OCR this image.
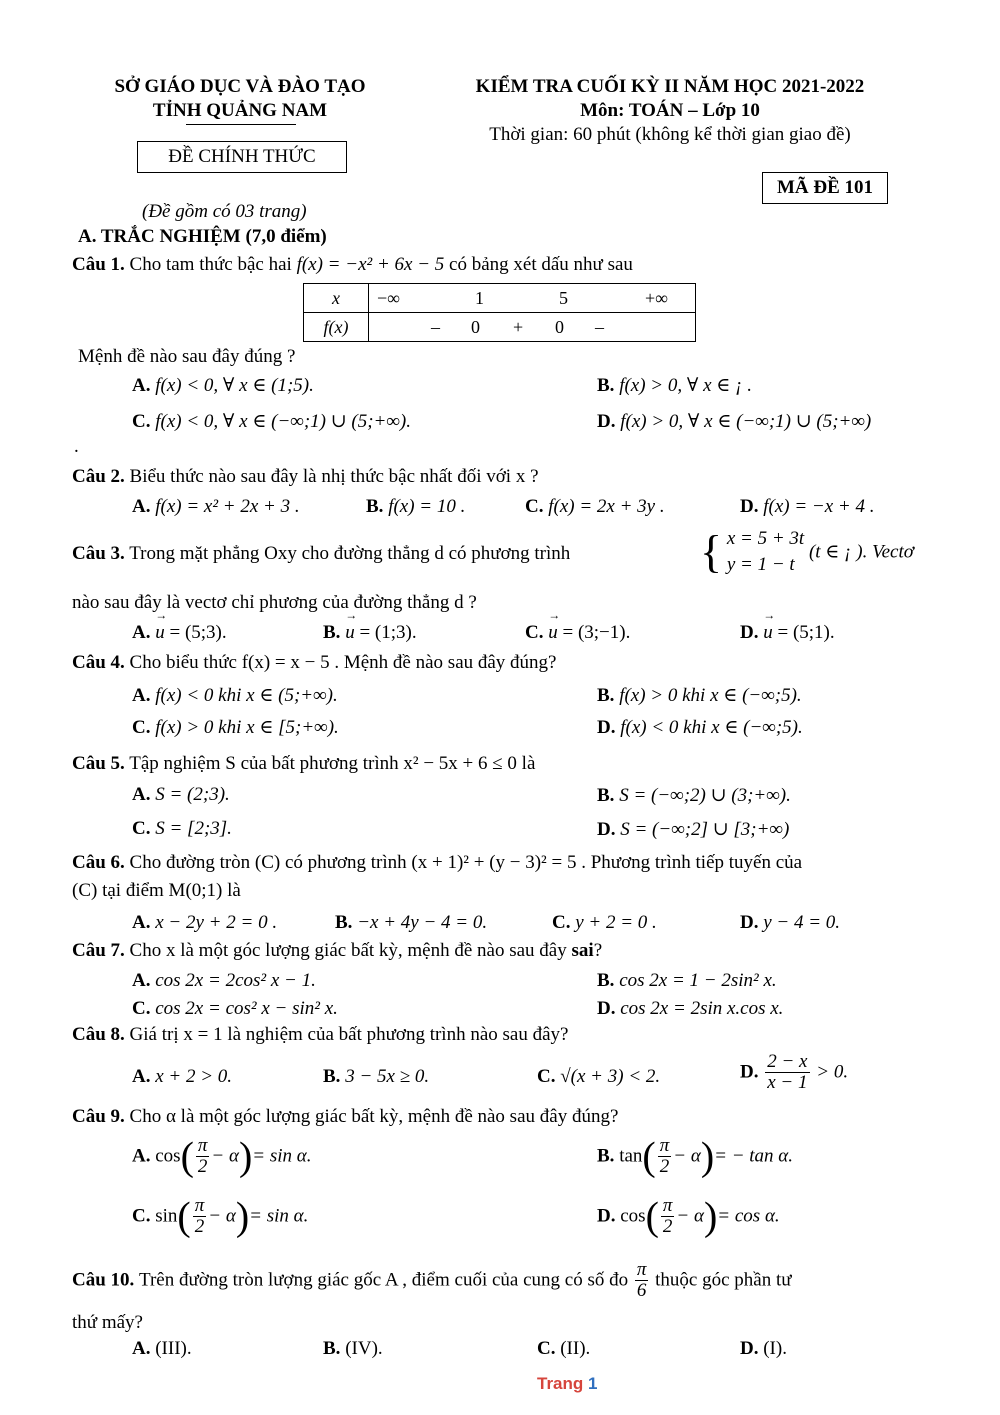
SỞ GIÁO DỤC VÀ ĐÀO TẠO
TỈNH QUẢNG NAM
ĐỀ CHÍNH THỨC
(Đề gồm có 03 trang)
KIỂM TRA CUỐI KỲ II NĂM HỌC 2021-2022
Môn: TOÁN – Lớp 10
Thời gian: 60 phút (không kể thời gian giao đề)
MÃ ĐỀ 101
A. TRẮC NGHIỆM (7,0 điểm)
Câu 1. Cho tam thức bậc hai f(x) = −x² + 6x − 5 có bảng xét dấu như sau
x	−∞ 1 5 +∞

f(x)	– 0 + 0 –
Mệnh đề nào sau đây đúng ?
A. f(x) < 0, ∀ x ∈ (1;5).	B. f(x) > 0, ∀ x ∈ ¡ .
C. f(x) < 0, ∀ x ∈ (−∞;1) ∪ (5;+∞).	D. f(x) > 0, ∀ x ∈ (−∞;1) ∪ (5;+∞)
.
Câu 2. Biểu thức nào sau đây là nhị thức bậc nhất đối với x ?
A. f(x) = x² + 2x + 3 .	B. f(x) = 10 .	C. f(x) = 2x + 3y .	D. f(x) = −x + 4 .
Câu 3. Trong mặt phẳng Oxy cho đường thẳng d có phương trình	{ x = 5 + 3t
y = 1 − t
(t ∈ ¡ ). Vectơ
nào sau đây là vectơ chỉ phương của đường thẳng d ?
A. → u = (5;3).	B. → u = (1;3).	C. → u = (3;−1).	D. → u = (5;1).
Câu 4. Cho biểu thức f(x) = x − 5 . Mệnh đề nào sau đây đúng?
A. f(x) < 0 khi x ∈ (5;+∞).	B. f(x) > 0 khi x ∈ (−∞;5).
C. f(x) > 0 khi x ∈ [5;+∞).	D. f(x) < 0 khi x ∈ (−∞;5).
Câu 5. Tập nghiệm S của bất phương trình x² − 5x + 6 ≤ 0 là
A. S = (2;3).	B. S = (−∞;2) ∪ (3;+∞).
C. S = [2;3].	D. S = (−∞;2] ∪ [3;+∞)
Câu 6. Cho đường tròn (C) có phương trình (x + 1)² + (y − 3)² = 5 . Phương trình tiếp tuyến của
(C) tại điểm M(0;1) là
A. x − 2y + 2 = 0 .	B. −x + 4y − 4 = 0.	C. y + 2 = 0 .	D. y − 4 = 0.
Câu 7. Cho x là một góc lượng giác bất kỳ, mệnh đề nào sau đây sai?
A. cos 2x = 2cos² x − 1.	B. cos 2x = 1 − 2sin² x.
C. cos 2x = cos² x − sin² x.	D. cos 2x = 2sin x.cos x.
Câu 8. Giá trị x = 1 là nghiệm của bất phương trình nào sau đây?
A. x + 2 > 0.	B. 3 − 5x ≥ 0.	C. √(x + 3) < 2.	D. $\frac{2 - x}{x - 1} > 0$.
Câu 9. Cho α là một góc lượng giác bất kỳ, mệnh đề nào sau đây đúng?
A. $\cos( \frac{\pi}{2} - \alpha)= \sin \alpha$.	B. $\tan( \frac{\pi}{2} - \alpha)= - \tan \alpha$.
C. $\sin( \frac{\pi}{2} - \alpha)= \sin \alpha$.	D. $\cos( \frac{\pi}{2} - \alpha)= \cos \alpha$.
Câu 10. Trên đường tròn lượng giác gốc A , điểm cuối của cung có số đo $\frac{\pi}{6}$ thuộc góc phần tư
thứ mấy?
A. (III).	B. (IV).	C. (II).	D. (I).
Trang 1
